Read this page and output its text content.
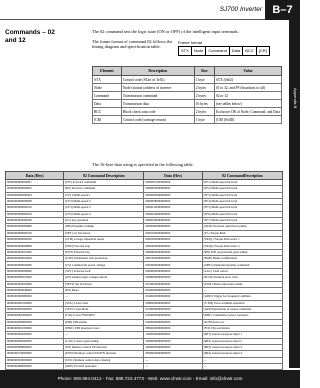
SJ700 Inverter B–7
Appendix B
Commands – 02 and 12
The 02 command sets the logic state (ON or OFF) of the intelligent input terminals.
The frame format of command 02 follows the timing diagram and specification table.
Frame format
STX	Node	Command	Data	BCC	[CR]
Element	Description	Size	Value
STX	Control code (STart of TeXt)	1 byte	STX (0x02)
Node	Node (station) address of inverter	2 bytes	01 to 32, and FF (broadcast to all)
Command	Transmission command	2 bytes	02 or 12
Data	Transmission data	16 bytes	(see tables below)
BCC	Block check sum code	2 bytes	Exclusive OR of Node, Command, and Data
[CR]	Control code (carriage return)	1 byte	[CR] (0x0D)
The 16-byte data string is specified in the following table.
Data (Hex)	02 Command Description	Data (Hex)	02 CommandDescription
0000000000000001	[FW] Forward command	0000001000000000	[SF1] Multi-speed bit level
0000000000000002	[RV] Reverse command	0000002000000000	[SF2] Multi-speed bit level
0000000000000004	[CF1] Multi-speed 1	0000004000000000	[SF3] Multi-speed bit level
0000000000000008	[CF2] Multi-speed 2	0000008000000000	[SF4] Multi-speed bit level
0000000000000010	[CF3] Multi-speed 3	0000010000000000	[SF5] Multi-speed bit level
0000000000000020	[CF4] Multi-speed 4	0000020000000000	[SF6] Multi-speed bit level
0000000000000040	[JG] Jog operation	0000040000000000	[SF7] Multi-speed bit level
0000000000000080	[DB] Dynamic braking	0000080000000000	[OLR] Overload restriction setting
0000000000000100	[SET] set 2nd motor	0000100000000000	[TL] Torque limit
0000000000000200	[2CH] 2-stage adjustable speed	0000200000000000	[TRQ1] Torque limit select 1
0000000000000800	[FRS] Free-run stop	0000400000000000	[TRQ2] Torque limit select 2
0000000000001000	[EXT] External trip	0000800000000000	[PPI] P/PI proportional gain setting
0000000000002000	[USP] Unattended start protection	0001000000000000	[BOK] Brake confirmation
0000000000004000	[CS] Commercial power change	0002000000000000	[ORT] Orientation (home) command
0000000000008000	[SFT] Software lock	0004000000000000	[LAC] LAD cancel
0000000000010000	[AT] Analog input voltage/current	0008000000000000	[PCLR] Position error clear
0000000000020000	[SET3] Set 3rd motor	0010000000000000	[STAT] Pulse train input enable
0000000000040000	[RS] Reset	0020000000000000	—
0000000000080000	—	0040000000000000	[ADD] Trigger for frequency addition
0000000000100000	[STA] 3-wire Start	0080000000000000	[F-TM] Force terminal operation
0000000000200000	[STP] 3-wire Hold	0100000000000000	[ATR] Permission of torque command
0000000000400000	[F/R] 3-wire FWD/REV	0200000000000000	[KHC] Cumulative power clearance
0000000000800000	[PID] PID enable	0400000000000000	[SON] Servo on
0000000001000000	[PIDC] PID integrator reset	0800000000000000	[FOC] Pre-excitation
0000000002000000	—	1000000000000000	[MI1] General-purpose input 1
0000000004000000	[CAS] Control gain setting	2000000000000000	[MI2] General-purpose input 2
0000000008000000	[UP] Remote control UP function	4000000000000000	[MI3] General-purpose input 3
0000000010000000	[DWN] Remote control DOWN function	8000000000000000	[MI4] General-purpose input 4
0000000020000000	[UDC] Remote control data clearing	—	—
0000000080000000	[OPE] Forcible operation	—	—
Phone: 800.894.0412 - Fax: 888.723.4773 - Web: www.clrwtr.com - Email: info@clrwtr.com
